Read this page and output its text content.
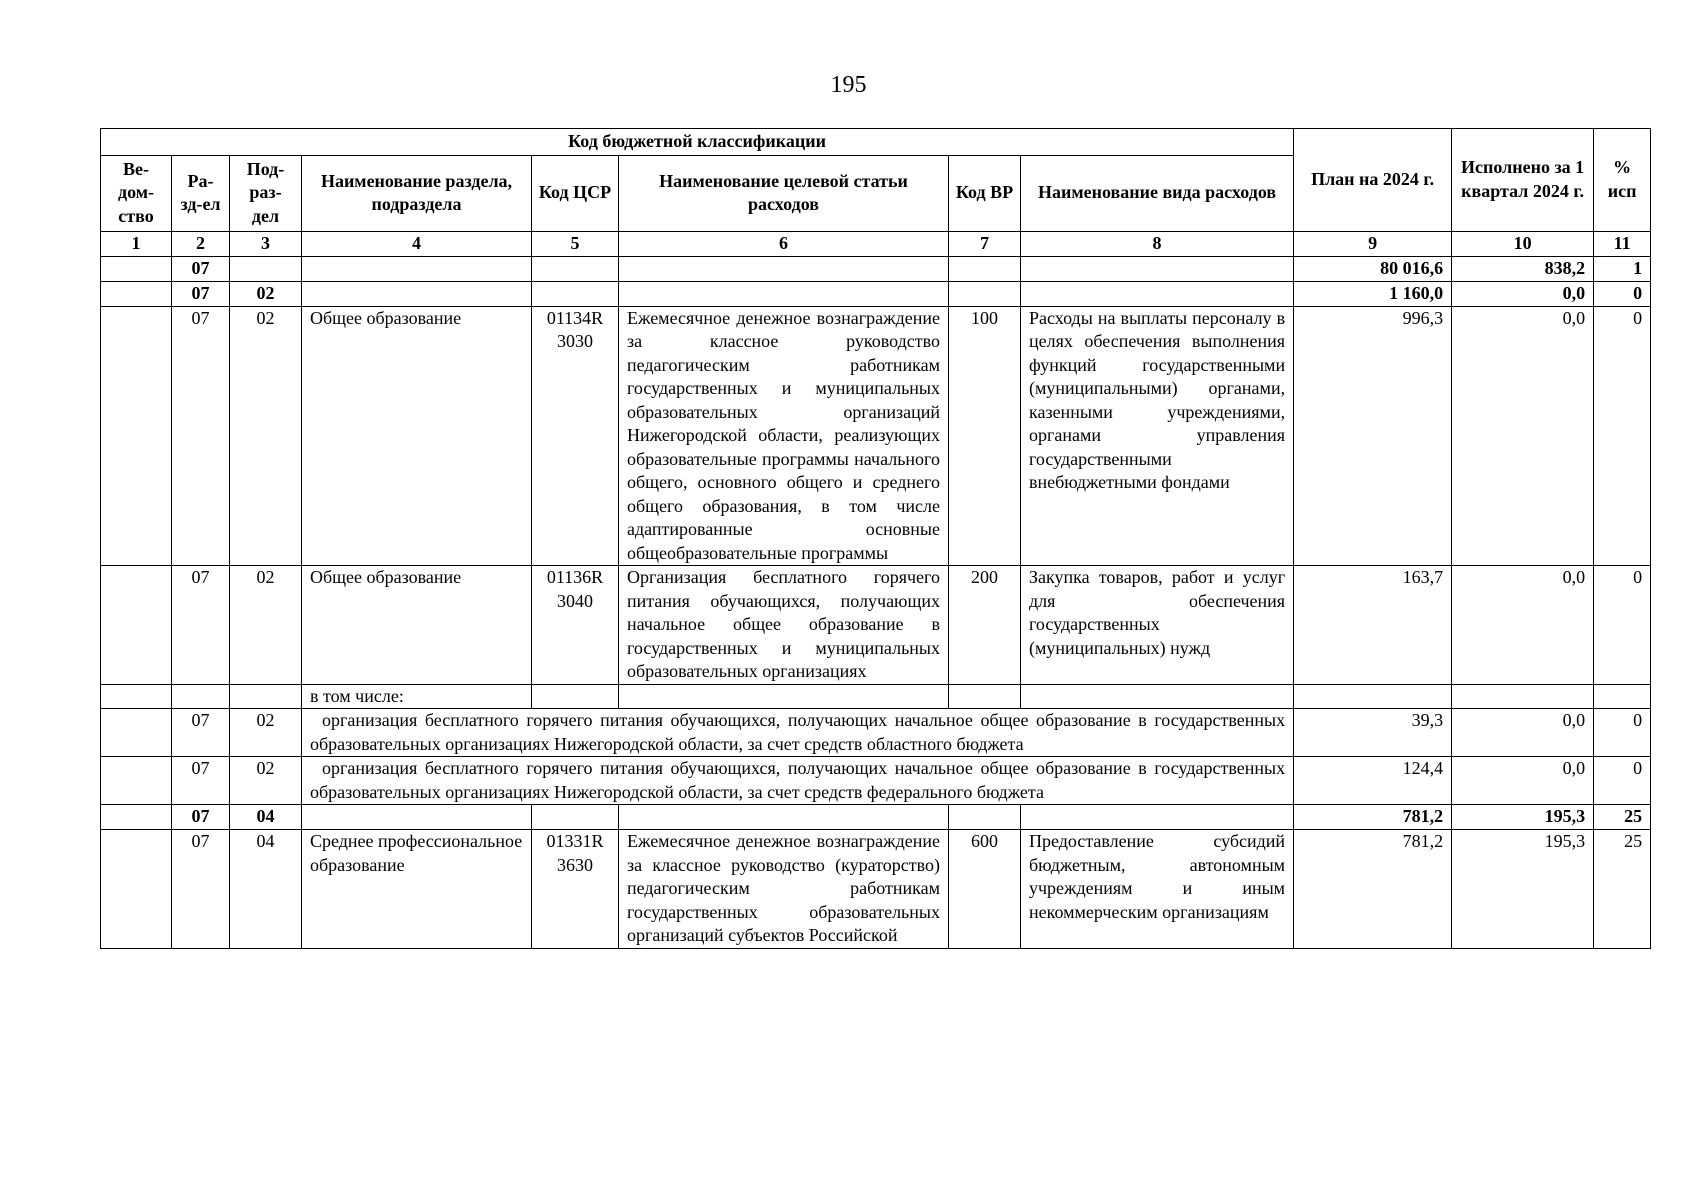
195
Код бюджетной классификации								План на 2024 г.	Исполнено за 1 квартал 2024 г.	% исп
Ве-дом-ство	Ра-зд-ел	Под-раз-дел	Наименование раздела, подраздела	Код ЦСР	Наименование целевой статьи расходов	Код ВР	Наименование вида расходов			
1	2	3	4	5	6	7	8	9	10	11
	07							80 016,6	838,2	1
	07	02						1 160,0	0,0	0
	07	02	Общее образование	01134R 3030	Ежемесячное денежное вознаграждение за классное руководство педагогическим работникам государственных и муниципальных образовательных организаций Нижегородской области, реализующих образовательные программы начального общего, основного общего и среднего общего образования, в том числе адаптированные основные общеобразовательные программы	100	Расходы на выплаты персоналу в целях обеспечения выполнения функций государственными (муниципальными) органами, казенными учреждениями, органами управления государственными внебюджетными фондами	996,3	0,0	0
	07	02	Общее образование	01136R 3040	Организация бесплатного горячего питания обучающихся, получающих начальное общее образование в государственных и муниципальных образовательных организациях	200	Закупка товаров, работ и услуг для обеспечения государственных (муниципальных) нужд	163,7	0,0	0
			в том числе:							
	07	02	организация бесплатного горячего питания обучающихся, получающих начальное общее образование в государственных образовательных организациях Нижегородской области, за счет средств областного бюджета					39,3	0,0	0
	07	02	организация бесплатного горячего питания обучающихся, получающих начальное общее образование в государственных образовательных организациях Нижегородской области, за счет средств федерального бюджета					124,4	0,0	0
	07	04						781,2	195,3	25
	07	04	Среднее профессиональное образование	01331R 3630	Ежемесячное денежное вознаграждение за классное руководство (кураторство) педагогическим работникам государственных образовательных организаций субъектов Российской	600	Предоставление субсидий бюджетным, автономным учреждениям и иным некоммерческим организациям	781,2	195,3	25
